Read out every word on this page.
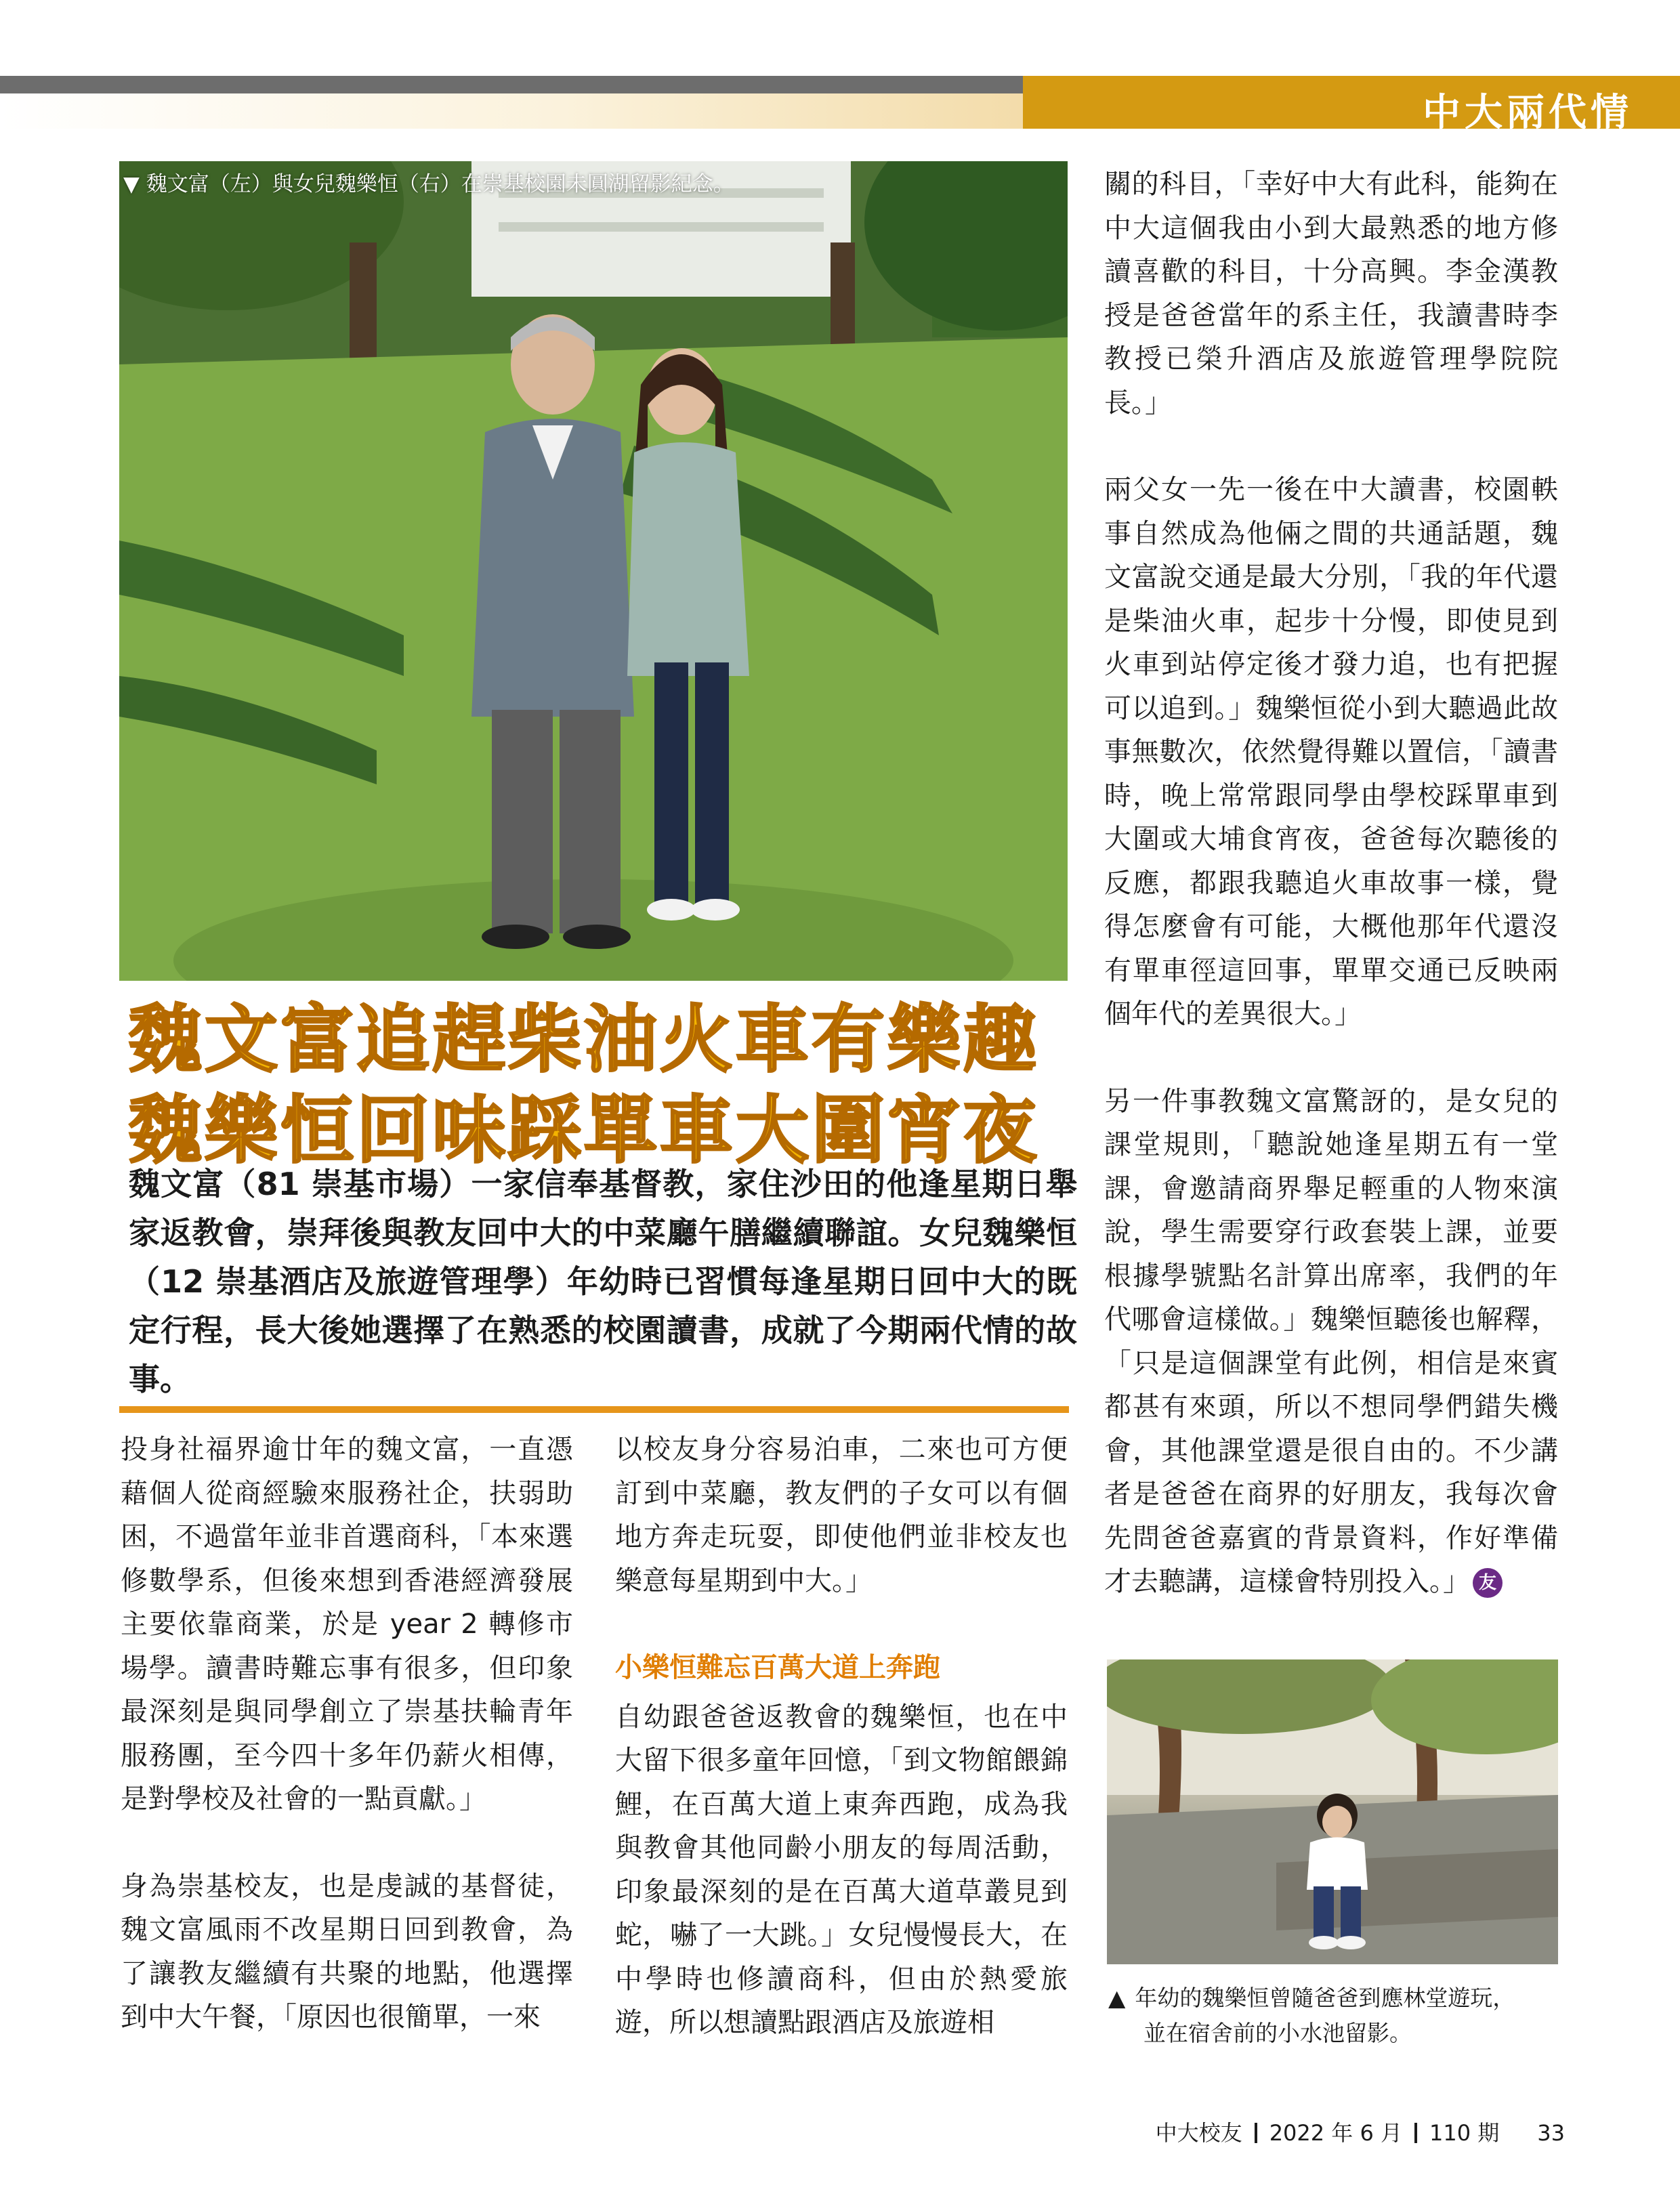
中大兩代情
▼ 魏文富（左）與女兒魏樂恒（右）在崇基校園未圓湖留影紀念。
魏文富追趕柴油火車有樂趣
魏樂恒回味踩單車大圍宵夜
魏文富（81 崇基市場）一家信奉基督教，家住沙田的他逢星期日舉家返教會，崇拜後與教友回中大的中菜廳午膳繼續聯誼。女兒魏樂恒（12 崇基酒店及旅遊管理學）年幼時已習慣每逢星期日回中大的既定行程，長大後她選擇了在熟悉的校園讀書，成就了今期兩代情的故事。

投身社福界逾廿年的魏文富，一直憑藉個人從商經驗來服務社企，扶弱助困，不過當年並非首選商科，「本來選修數學系，但後來想到香港經濟發展主要依靠商業，於是 year 2 轉修市場學。讀書時難忘事有很多，但印象最深刻是與同學創立了崇基扶輪青年服務團，至今四十多年仍薪火相傳，是對學校及社會的一點貢獻。」

身為崇基校友，也是虔誠的基督徒，魏文富風雨不改星期日回到教會，為了讓教友繼續有共聚的地點，他選擇到中大午餐，「原因也很簡單，一來

以校友身分容易泊車，二來也可方便訂到中菜廳，教友們的子女可以有個地方奔走玩耍，即使他們並非校友也樂意每星期到中大。」

小樂恒難忘百萬大道上奔跑

自幼跟爸爸返教會的魏樂恒，也在中大留下很多童年回憶，「到文物館餵錦鯉，在百萬大道上東奔西跑，成為我與教會其他同齡小朋友的每周活動，印象最深刻的是在百萬大道草叢見到蛇，嚇了一大跳。」女兒慢慢長大，在中學時也修讀商科，但由於熱愛旅遊，所以想讀點跟酒店及旅遊相

關的科目，「幸好中大有此科，能夠在中大這個我由小到大最熟悉的地方修讀喜歡的科目，十分高興。李金漢教授是爸爸當年的系主任，我讀書時李教授已榮升酒店及旅遊管理學院院長。」

兩父女一先一後在中大讀書，校園軼事自然成為他倆之間的共通話題，魏文富說交通是最大分別，「我的年代還是柴油火車，起步十分慢，即使見到火車到站停定後才發力追，也有把握可以追到。」魏樂恒從小到大聽過此故事無數次，依然覺得難以置信，「讀書時，晚上常常跟同學由學校踩單車到大圍或大埔食宵夜，爸爸每次聽後的反應，都跟我聽追火車故事一樣，覺得怎麼會有可能，大概他那年代還沒有單車徑這回事，單單交通已反映兩個年代的差異很大。」

另一件事教魏文富驚訝的，是女兒的課堂規則，「聽說她逢星期五有一堂課，會邀請商界舉足輕重的人物來演說，學生需要穿行政套裝上課，並要根據學號點名計算出席率，我們的年代哪會這樣做。」魏樂恒聽後也解釋，「只是這個課堂有此例，相信是來賓都甚有來頭，所以不想同學們錯失機會，其他課堂還是很自由的。不少講者是爸爸在商界的好朋友，我每次會先問爸爸嘉賓的背景資料，作好準備才去聽講，這樣會特別投入。」 友

▲ 年幼的魏樂恒曾隨爸爸到應林堂遊玩，
並在宿舍前的小水池留影。
中大校友 2022 年 6 月 110 期 33
